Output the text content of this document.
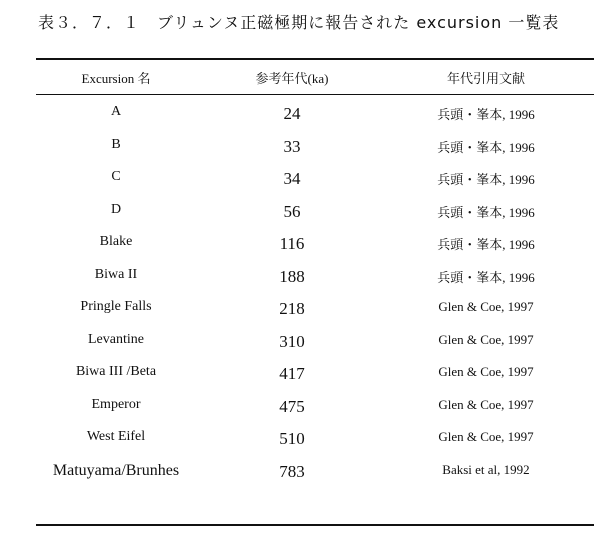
表３．７．１　ブリュンヌ正磁極期に報告された excursion 一覧表
Excursion 名	参考年代(ka)	年代引用文献
A	24	兵頭・峯本, 1996
B	33	兵頭・峯本, 1996
C	34	兵頭・峯本, 1996
D	56	兵頭・峯本, 1996
Blake	116	兵頭・峯本, 1996
Biwa II	188	兵頭・峯本, 1996
Pringle Falls	218	Glen & Coe, 1997
Levantine	310	Glen & Coe, 1997
Biwa III /Beta	417	Glen & Coe, 1997
Emperor	475	Glen & Coe, 1997
West Eifel	510	Glen & Coe, 1997
Matuyama/Brunhes	783	Baksi et al, 1992
